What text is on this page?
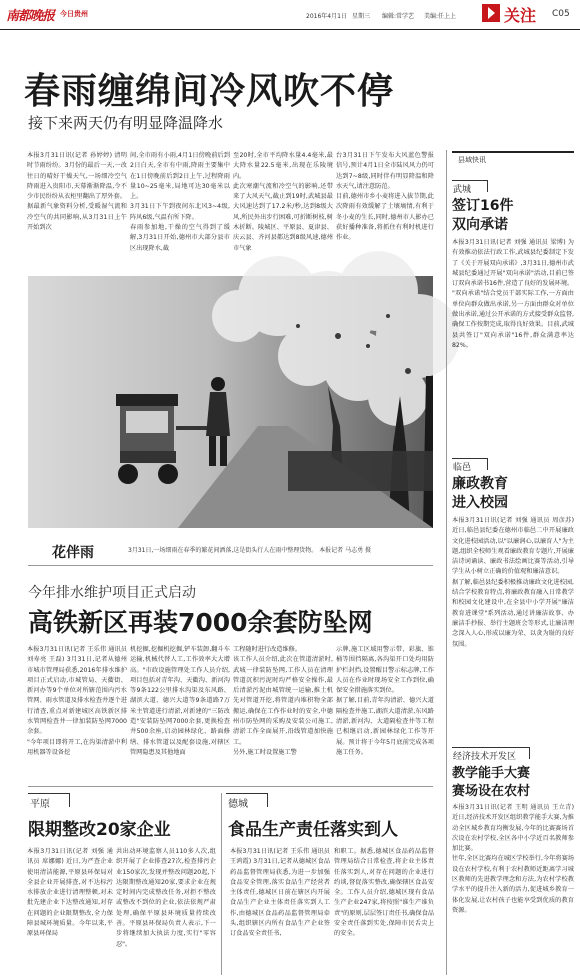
南都晚报 今日贵州	2016年4月1日 星期三 编辑:常学艺 美编:任上上	关注 C05
春雨缠绵间冷风吹不停
接下来两天仍有明显降温降水
本报3月31日讯(记者 孙婷婷) 清明时节雨纷纷。3月份的最后一天,一改往日的晴好干燥天气,一场细冷空气降雨进入贵阳市,天幕渐渐降温,令不少市民纷纷从衣柜里翻出了厚外套。
据最新气象资料分析,受暖湿气流和冷空气的共同影响,从3月31日上午开始到次
间,全市雨有小雨,4月1日傍晚前后到2日白天,全市有中雨,降雨主要集中在1日傍晚前后到2日上午,过程降雨量10~25毫米,局地可达30毫米以上。
3月31日下午到夜间东北风3~4级,阵风6级,气温有所下降。
春雨参加地,干燥的空气得到了缓解,3月31日开始,德州市大部分县市区出现降水,截
至20时,全市平均降水量4.4毫米,最大降水量22.5毫米,出现在乐陵境内。
此次寒潮气流和冷空气的影响,还带来了大风天气,截止到19时,武城县最大风速达到了17.2米/秒,达到8级大风,所民外出步行困难,可折断树枝,树木折断。陵城区、平原县、夏津县、庆云县、齐河县都达到8级风速,德州市气象
台3月31日下午发布大风蓝色警报信号,预计4月1日全市陆风风力仍可达到7~8级,同时伴有明显降温和降水天气,请注意防范。
目前,德州市乡小麦将进入拔节期,此次降雨有效缓解了土壤墒情,有利于冬小麦的生长,同时,德州市人影办已获好播种准备,将抓住有利时机进行作业。
花伴雨	3月31日,一场细雨在春季的繁花间洒落,这是街头行人在雨中整理货物。 本报记者 马志勇 摄
今年排水维护项目正式启动
高铁新区再装7000余套防坠网
本报3月31日讯(记者 王乐伟 通讯员 刘寿亮 王磊) 3月31日,记者从德州市城市管理局获悉,2016年排水维护项目正式启动,市城管局、天衢街、新河办等9个单位对所辖范围内污水管网、雨水管道及排水检查井逐个进行清查,重点对新建城区高铁新区排水管网检查井一律加装防坠网7000余套。
"今年项目即将开工,在沟渠清淤中利用机器等设备挖
机挖掘,挖掘机挖掘,铲车装卸,翻斗车运输,机械代替人工,工作效率大大增高。"市政设施管理处工作人员介绍,项目包括对青年沟、天衢沟、新河沟等9条122公里排水沟渠及东风路、湖滨大道、德兴大道等9条道路7万米主管道进行清淤,对新建的"三防改造"安装防坠网7000余套,更换检查井500余座,启动园林绿化、路面修缮、排水管道以及配套设施,对辖区管网隐患及其他地面
工程随时进行改造维修。
该工作人员介绍,此次在管道清淤时,武城一律装防坠网,工作人员在清理管道沉积污泥时均严格安全操作,最后清淤污泥由城管统一运输,推土机先对管道开挖,将管道内堆积物全部搬运,确保在工作作业时的安全,中德州市防坠网的采购及安装公司施工,清淤工作全面展开,沿线管道加快施工。
另外,施工时设置施工警
示牌,施工区域用警示带、彩旗、锥桶等围挡隔离,各沟渠开口处均用防护栏封挡,设置醒目警示标志牌,工作人员在作业时现场安全工作到位,确保安全措施落实到位。
据了解,目前,青年沟清淤、德兴大道隔检查井施工,湖滨大道清淤,东风路清淤,新河沟、大道隔检查井等工程已相继启动,新园林绿化工作等开展。预计将于今年5月底前完成各项施工任务。
平原
限期整改20家企业
本报3月31日讯(记者 刘强 通讯员 席娜娜) 近日,为严查企业使用清洁能源,平原县环保局对全县企业开展排查,对不达标污水排放企业进行清理整顿,对未批先建企业下达整改通知,对存在问题的企业限期整改,全力保障县城环境质量。今年以来,平原县环保局
共出动环境监察人员110多人次,组织开展了企业排查27次,检查排污企业150家次,发现并整改问题20起,下达限期整改通知20家,要求企业在规定时间内完成整改任务,对拒不整改或整改不到位的企业,依法依规严肃处理,确保平原县环境质量持续改善。平原县环保局负责人表示,下一步将继续加大执法力度,实行"零容忍"。
德城
食品生产责任落实到人
本报3月31日讯(记者 王乐伟 通讯员 王鸿霞) 3月31日,记者从德城区食品药品监督管理局获悉,为进一步加强食品安全管理,落实食品生产经营者主体责任,德城区日前在辖区内开展食品生产企业主体责任落实到人工作,由德城区食品药品监督管理局牵头,组织辖区内所有食品生产企业签订食品安全责任书,
和职工。据悉,德城区食品药品监督管理局结合日常检查,将企业主体责任落实到人,对存在问题的企业进行约谈,督促落实整改,确保辖区食品安全。工作人员介绍,德城区现有食品生产企业247家,将按照"谁生产谁负责"的原则,层层签订责任书,确保食品安全责任落到实处,保障市民舌尖上的安全。
县域快讯
武城
签订16件
双向承诺
本报3月31日讯(记者 刘强 通讯员 梁博) 为有效推动依法行政工作,武城县纪委制定下发了《关于开展双向承诺》,3月31日,德州市武城县纪委通过开展"双向承诺"活动,目前已签订双向承诺书16件,营造了良好的发展环境。
"双向承诺"结合党员干部实际工作,一方面由单位向群众做出承诺,另一方面由群众对单位做出承诺,通过公开承诺的方式接受群众监督,确保工作按期完成,取得良好效果。目前,武城县共签订"双向承诺"16件,群众满意率达82%。
临邑
廉政教育
进入校园
本报3月31日讯(记者 刘强 通讯员 周彦苏) 近日,临邑县纪委在德州市临邑二中开展廉政文化进校园活动,以"以廉润心,以廉育人"为主题,组织全校师生观看廉政教育专题片,开展廉洁诗词诵读、廉政书法绘画比赛等活动,引导学生从小树立正确的价值观和廉洁意识。
据了解,临邑县纪委积极推动廉政文化进校园,结合学校教育特点,将廉政教育融入日常教学和校园文化建设中,在全县中小学开展"廉洁教育进课堂"系列活动,通过讲廉洁故事、办廉洁手抄报、举行主题班会等形式,让廉洁理念深入人心,形成以廉为荣、以贪为耻的良好氛围。
经济技术开发区
教学能手大赛
赛场设在农村
本报3月31日讯(记者 王明 通讯员 王立青) 近日,经济技术开发区组织教学能手大赛,为推动全区城乡教育均衡发展,今年的比赛赛场首次设在农村学校,全区各中小学近百名教师参加比赛。
往年,全区比赛均在城区学校举行,今年将赛场设在农村学校,有利于农村教师近距离学习城区教师的先进教学理念和方法,为农村学校教学水平的提升注入新的活力,促进城乡教育一体化发展,让农村孩子也能享受到优质的教育资源。
